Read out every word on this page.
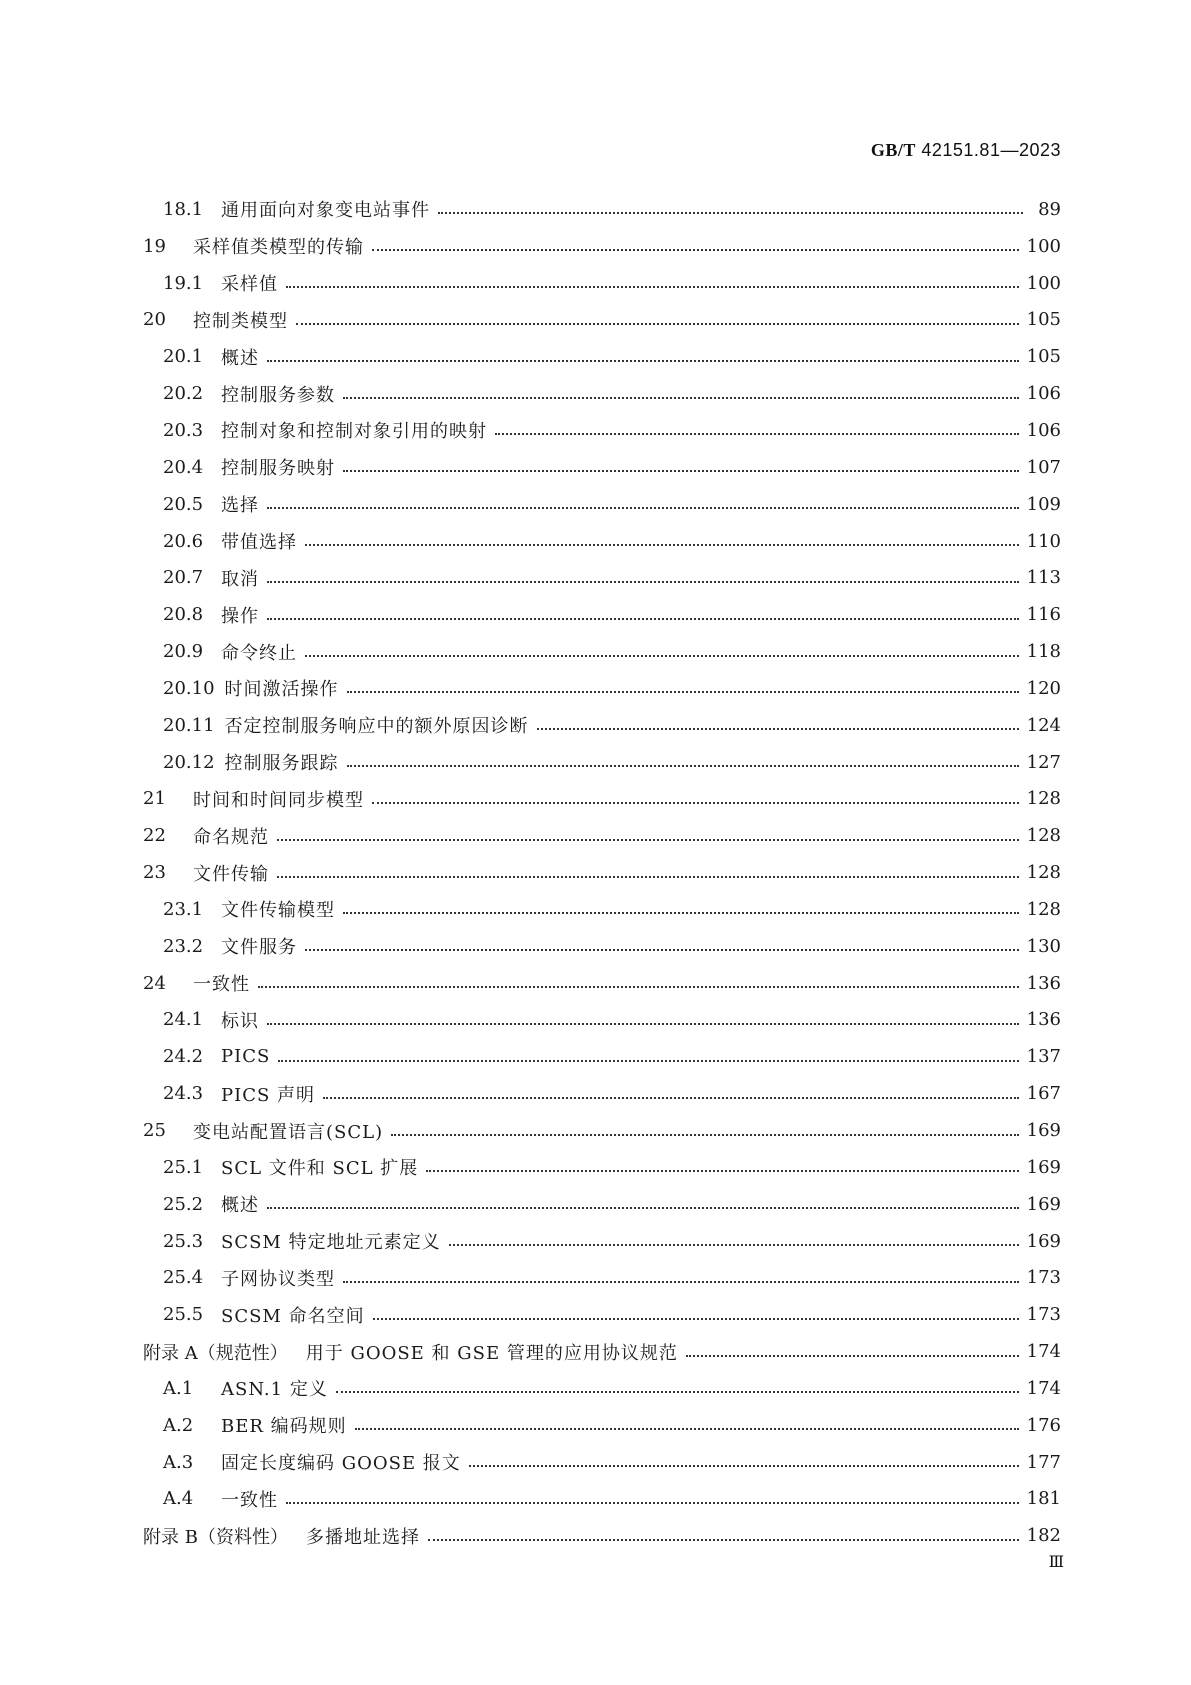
GB/T 42151.81—2023
18.1 通用面向对象变电站事件	89
19	采样值类模型的传输	100
19.1 采样值	100
20	控制类模型	105
20.1 概述	105
20.2 控制服务参数	106
20.3 控制对象和控制对象引用的映射	106
20.4 控制服务映射	107
20.5 选择	109
20.6 带值选择	110
20.7 取消	113
20.8 操作	116
20.9 命令终止	118
20.10 时间激活操作	120
20.11 否定控制服务响应中的额外原因诊断	124
20.12 控制服务跟踪	127
21	时间和时间同步模型	128
22	命名规范	128
23	文件传输	128
23.1 文件传输模型	128
23.2 文件服务	130
24	一致性	136
24.1 标识	136
24.2 PICS	137
24.3 PICS 声明	167
25	变电站配置语言(SCL)	169
25.1 SCL 文件和 SCL 扩展	169
25.2 概述	169
25.3 SCSM 特定地址元素定义	169
25.4 子网协议类型	173
25.5 SCSM 命名空间	173
附录 A（规范性） 用于 GOOSE 和 GSE 管理的应用协议规范	174
A.1	ASN.1 定义	174
A.2	BER 编码规则	176
A.3	固定长度编码 GOOSE 报文	177
A.4	一致性	181
附录 B（资料性） 多播地址选择	182
Ⅲ
